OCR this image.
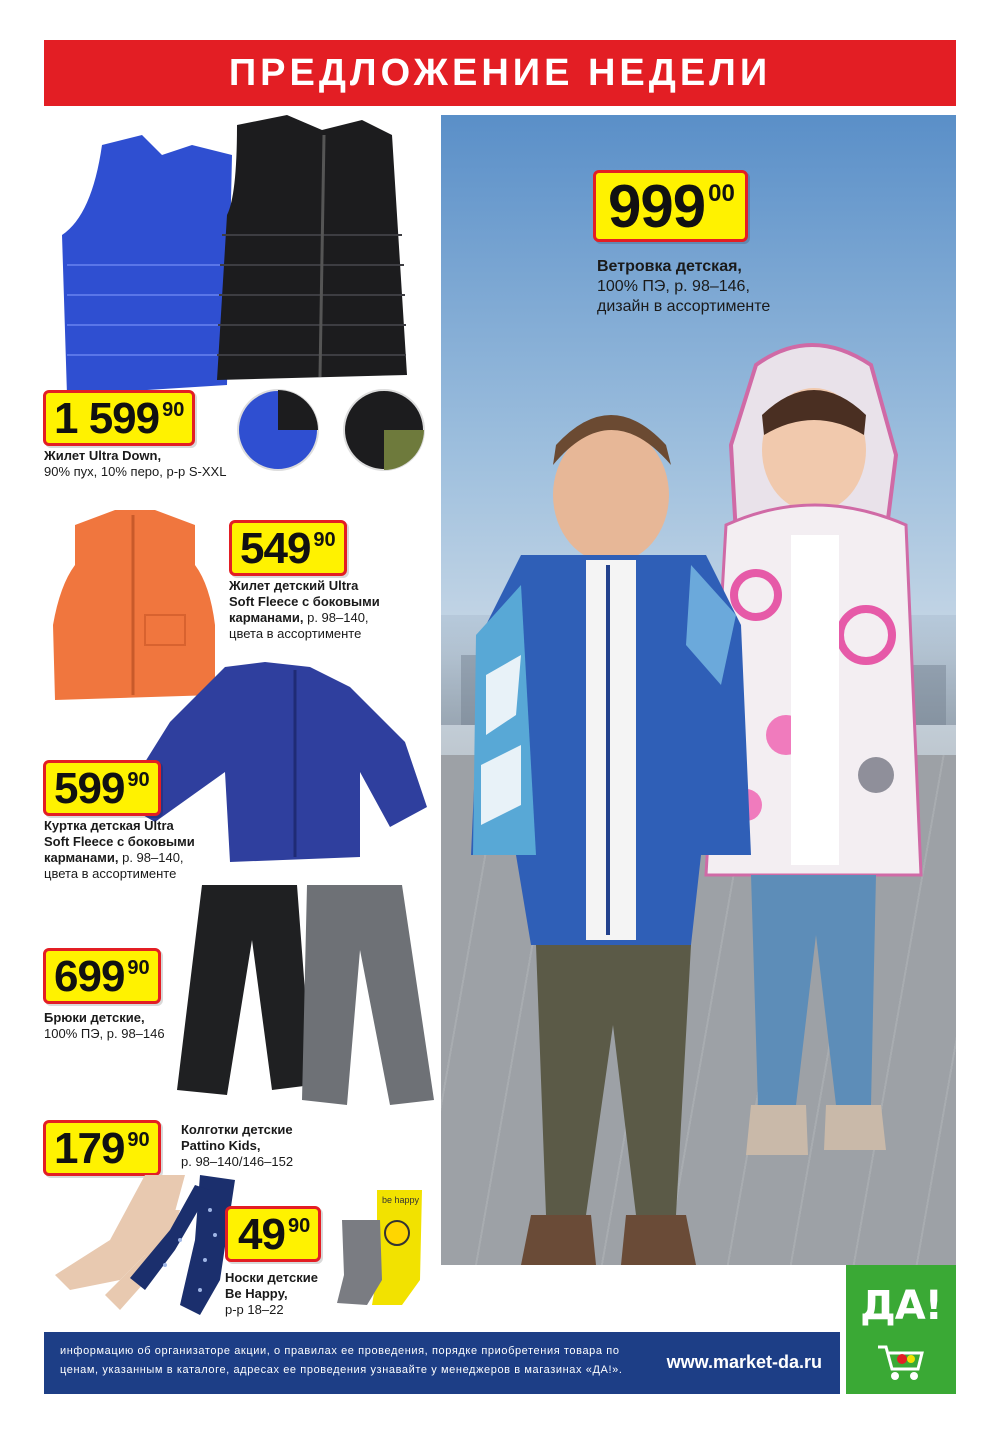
ПРЕДЛОЖЕНИЕ НЕДЕЛИ
999 00
Ветровка детская,
100% ПЭ, р. 98–146,
дизайн в ассортименте
1 599 90
Жилет Ultra Down,
90% пух, 10% перо, р-р S-XXL
549 90
Жилет детский Ultra
Soft Fleece с боковыми
карманами, р. 98–140,
цвета в ассортименте
599 90
Куртка детская Ultra
Soft Fleece с боковыми
карманами, р. 98–140,
цвета в ассортименте
699 90
Брюки детские,
100% ПЭ, р. 98–146
179 90 Колготки детские
Pattino Kids,
р. 98–140/146–152
be happy
49 90
Носки детские
Be Happy,
р-р 18–22
информацию об организаторе акции, о правилах ее проведения, порядке приобретения товара по
ценам, указанным в каталоге, адресах ее проведения узнавайте у менеджеров в магазинах «ДА!».	www.market-da.ru
ДА!
